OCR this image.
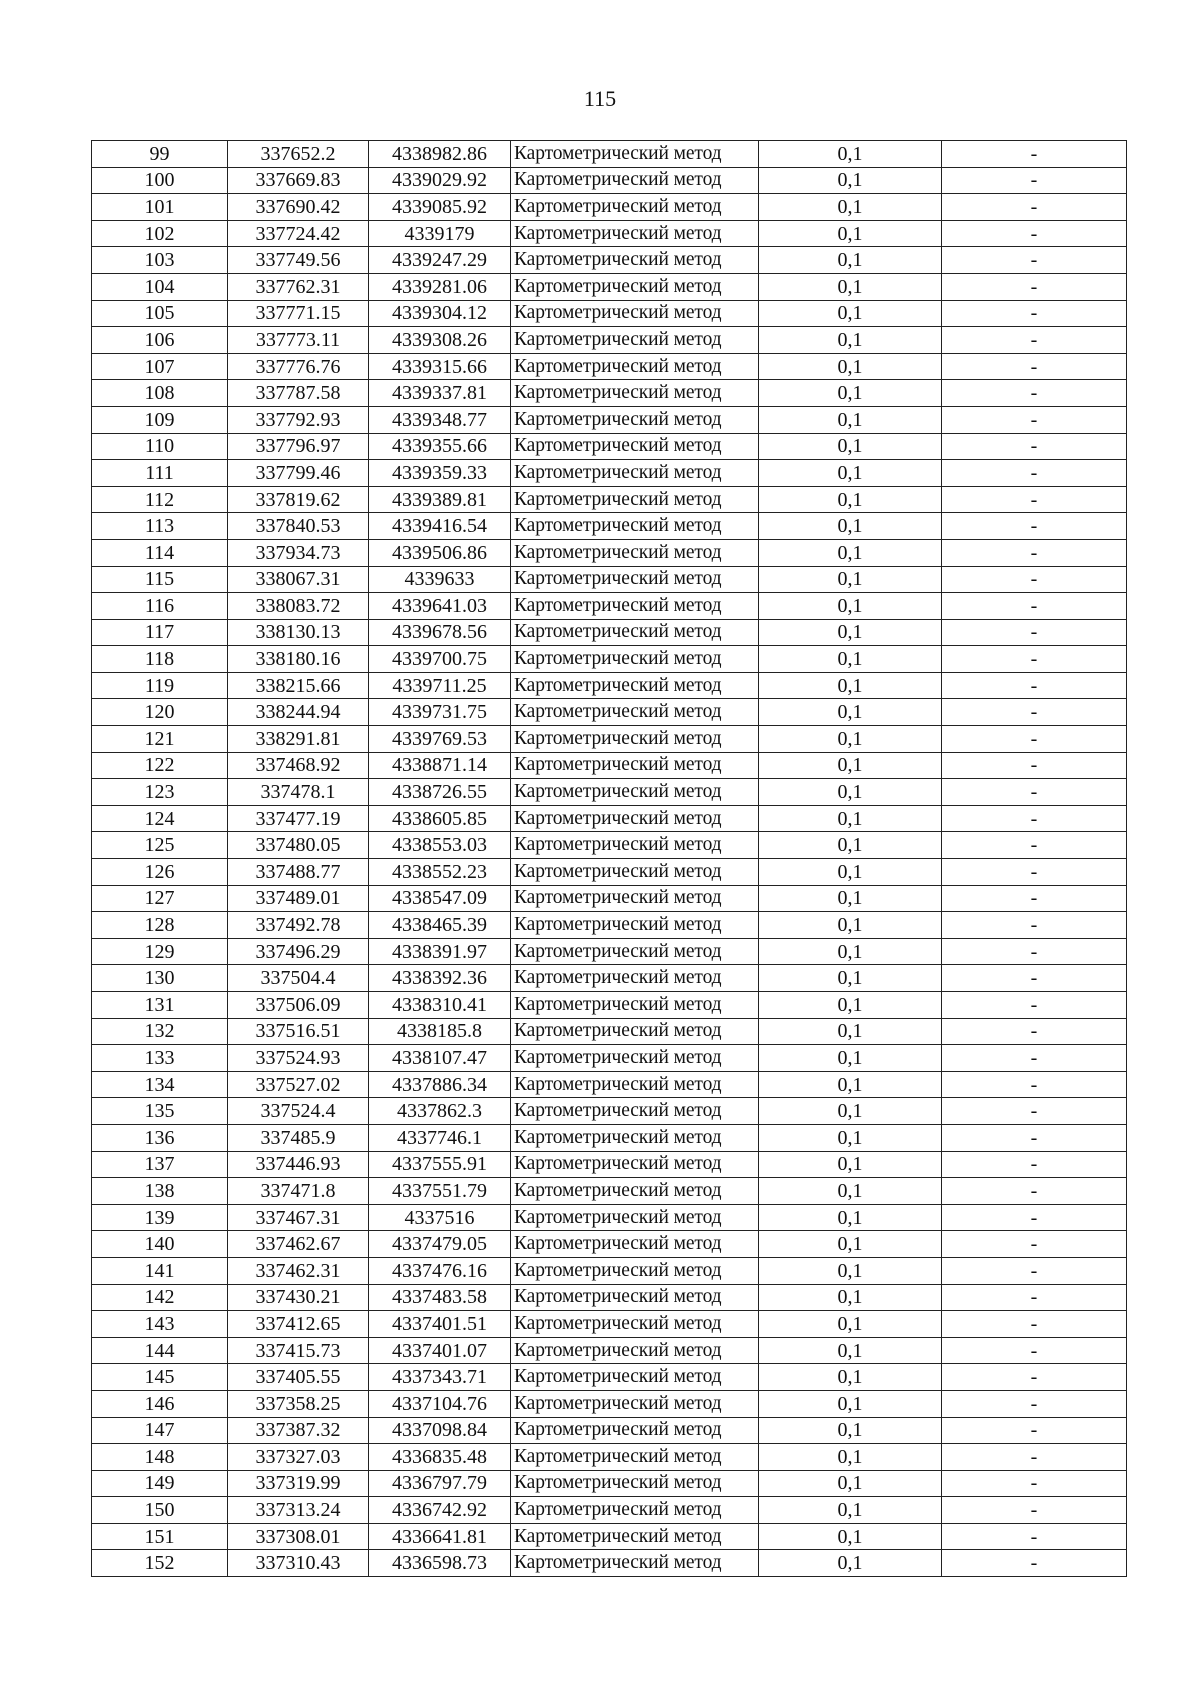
115
99	337652.2	4338982.86	Картометрический метод	0,1	-
100	337669.83	4339029.92	Картометрический метод	0,1	-
101	337690.42	4339085.92	Картометрический метод	0,1	-
102	337724.42	4339179	Картометрический метод	0,1	-
103	337749.56	4339247.29	Картометрический метод	0,1	-
104	337762.31	4339281.06	Картометрический метод	0,1	-
105	337771.15	4339304.12	Картометрический метод	0,1	-
106	337773.11	4339308.26	Картометрический метод	0,1	-
107	337776.76	4339315.66	Картометрический метод	0,1	-
108	337787.58	4339337.81	Картометрический метод	0,1	-
109	337792.93	4339348.77	Картометрический метод	0,1	-
110	337796.97	4339355.66	Картометрический метод	0,1	-
111	337799.46	4339359.33	Картометрический метод	0,1	-
112	337819.62	4339389.81	Картометрический метод	0,1	-
113	337840.53	4339416.54	Картометрический метод	0,1	-
114	337934.73	4339506.86	Картометрический метод	0,1	-
115	338067.31	4339633	Картометрический метод	0,1	-
116	338083.72	4339641.03	Картометрический метод	0,1	-
117	338130.13	4339678.56	Картометрический метод	0,1	-
118	338180.16	4339700.75	Картометрический метод	0,1	-
119	338215.66	4339711.25	Картометрический метод	0,1	-
120	338244.94	4339731.75	Картометрический метод	0,1	-
121	338291.81	4339769.53	Картометрический метод	0,1	-
122	337468.92	4338871.14	Картометрический метод	0,1	-
123	337478.1	4338726.55	Картометрический метод	0,1	-
124	337477.19	4338605.85	Картометрический метод	0,1	-
125	337480.05	4338553.03	Картометрический метод	0,1	-
126	337488.77	4338552.23	Картометрический метод	0,1	-
127	337489.01	4338547.09	Картометрический метод	0,1	-
128	337492.78	4338465.39	Картометрический метод	0,1	-
129	337496.29	4338391.97	Картометрический метод	0,1	-
130	337504.4	4338392.36	Картометрический метод	0,1	-
131	337506.09	4338310.41	Картометрический метод	0,1	-
132	337516.51	4338185.8	Картометрический метод	0,1	-
133	337524.93	4338107.47	Картометрический метод	0,1	-
134	337527.02	4337886.34	Картометрический метод	0,1	-
135	337524.4	4337862.3	Картометрический метод	0,1	-
136	337485.9	4337746.1	Картометрический метод	0,1	-
137	337446.93	4337555.91	Картометрический метод	0,1	-
138	337471.8	4337551.79	Картометрический метод	0,1	-
139	337467.31	4337516	Картометрический метод	0,1	-
140	337462.67	4337479.05	Картометрический метод	0,1	-
141	337462.31	4337476.16	Картометрический метод	0,1	-
142	337430.21	4337483.58	Картометрический метод	0,1	-
143	337412.65	4337401.51	Картометрический метод	0,1	-
144	337415.73	4337401.07	Картометрический метод	0,1	-
145	337405.55	4337343.71	Картометрический метод	0,1	-
146	337358.25	4337104.76	Картометрический метод	0,1	-
147	337387.32	4337098.84	Картометрический метод	0,1	-
148	337327.03	4336835.48	Картометрический метод	0,1	-
149	337319.99	4336797.79	Картометрический метод	0,1	-
150	337313.24	4336742.92	Картометрический метод	0,1	-
151	337308.01	4336641.81	Картометрический метод	0,1	-
152	337310.43	4336598.73	Картометрический метод	0,1	-
